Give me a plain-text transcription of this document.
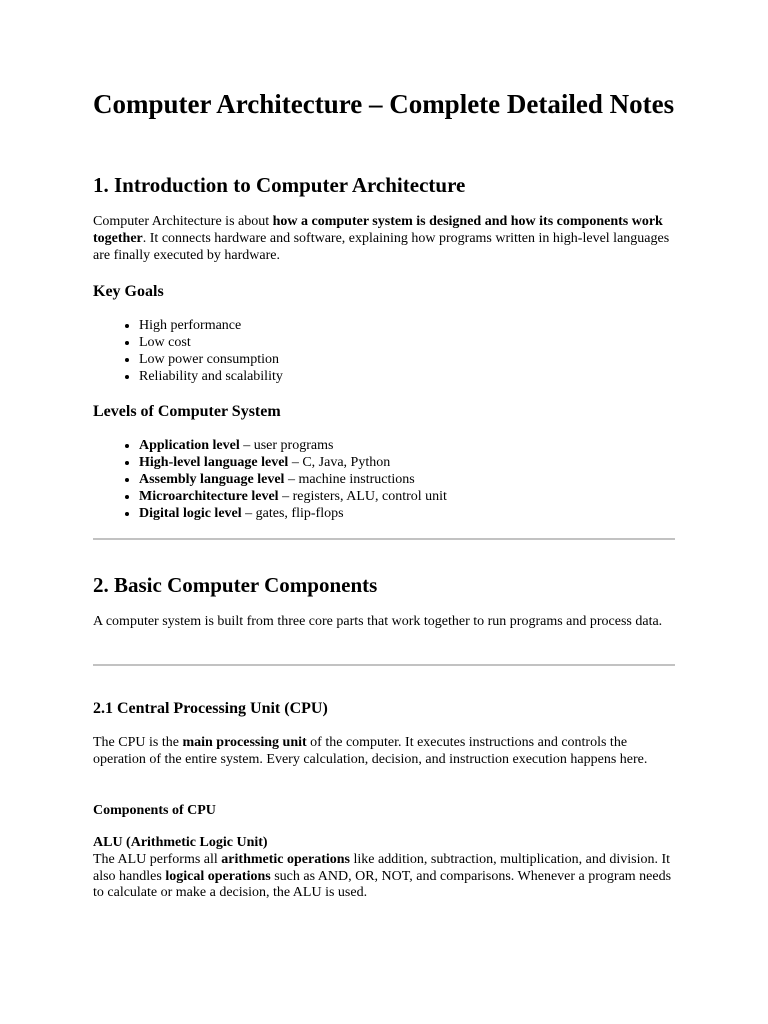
Computer Architecture – Complete Detailed Notes
1. Introduction to Computer Architecture

Computer Architecture is about how a computer system is designed and how its components work together. It connects hardware and software, explaining how programs written in high-level languages are finally executed by hardware.

Key Goals
• High performance
• Low cost
• Low power consumption
• Reliability and scalability
Levels of Computer System
• Application level – user programs
• High-level language level – C, Java, Python
• Assembly language level – machine instructions
• Microarchitecture level – registers, ALU, control unit
• Digital logic level – gates, flip-flops
2. Basic Computer Components

A computer system is built from three core parts that work together to run programs and process data.

2.1 Central Processing Unit (CPU)

The CPU is the main processing unit of the computer. It executes instructions and controls the operation of the entire system. Every calculation, decision, and instruction execution happens here.

Components of CPU

ALU (Arithmetic Logic Unit)
The ALU performs all arithmetic operations like addition, subtraction, multiplication, and division. It also handles logical operations such as AND, OR, NOT, and comparisons. Whenever a program needs to calculate or make a decision, the ALU is used.
